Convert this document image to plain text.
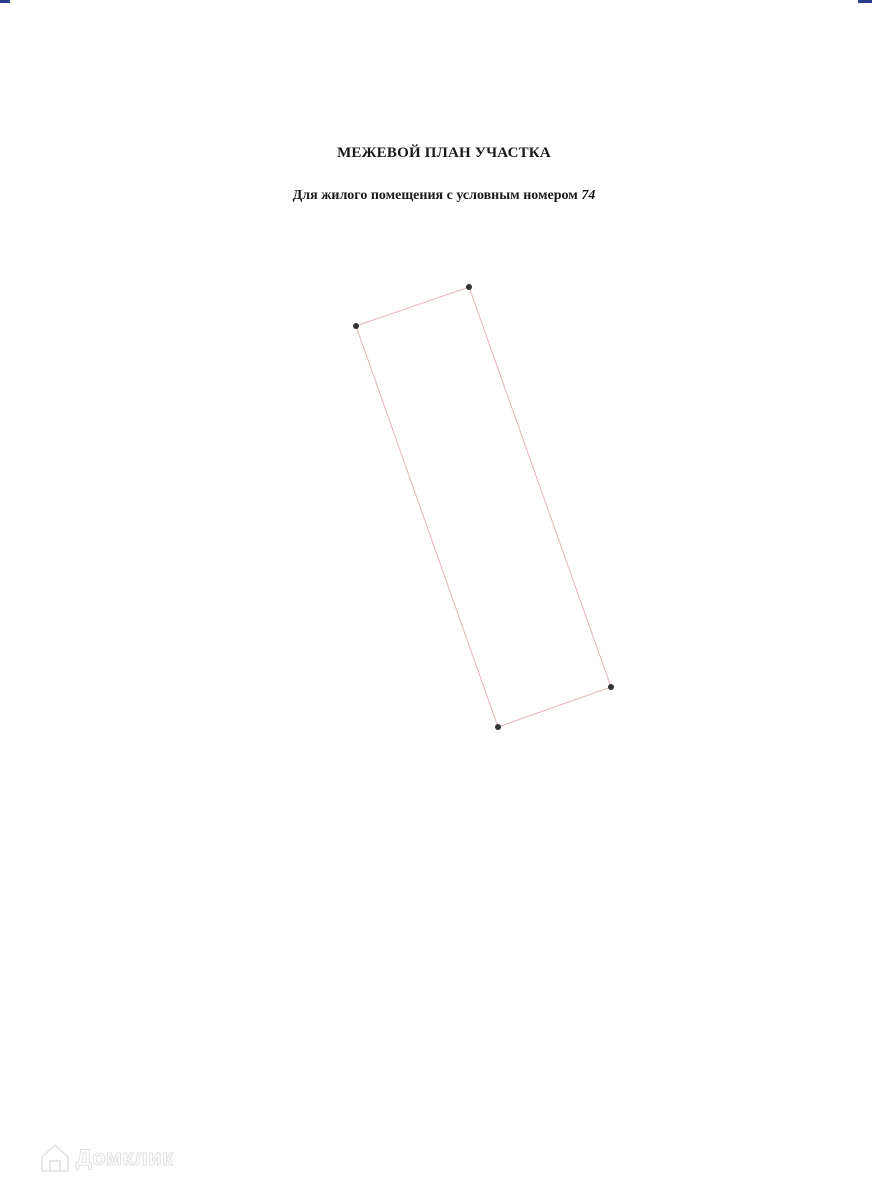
МЕЖЕВОЙ ПЛАН УЧАСТКА
Для жилого помещения с условным номером 74
Домклик
